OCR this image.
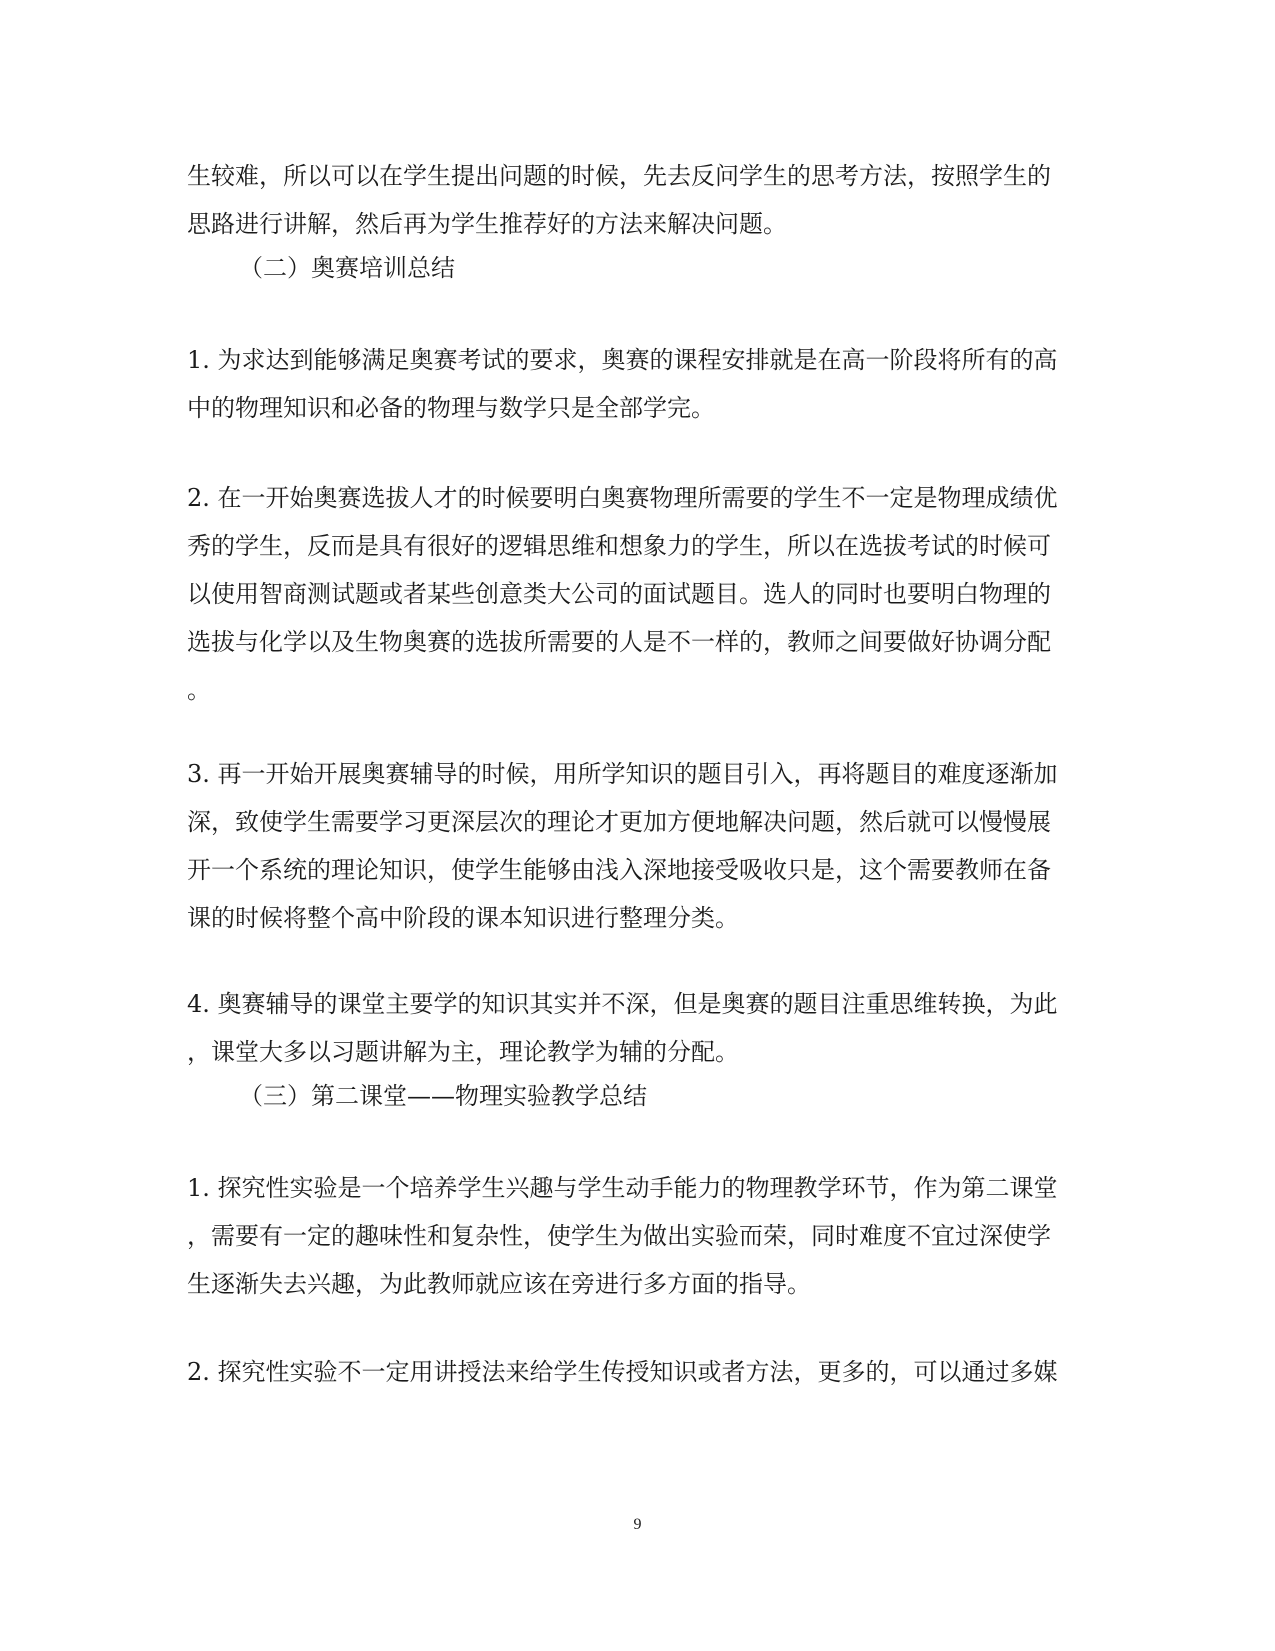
生较难，所以可以在学生提出问题的时候，先去反问学生的思考方法，按照学生的
思路进行讲解，然后再为学生推荐好的方法来解决问题。
（二）奥赛培训总结
1. 为求达到能够满足奥赛考试的要求，奥赛的课程安排就是在高一阶段将所有的高
中的物理知识和必备的物理与数学只是全部学完。
2. 在一开始奥赛选拔人才的时候要明白奥赛物理所需要的学生不一定是物理成绩优
秀的学生，反而是具有很好的逻辑思维和想象力的学生，所以在选拔考试的时候可
以使用智商测试题或者某些创意类大公司的面试题目。选人的同时也要明白物理的
选拔与化学以及生物奥赛的选拔所需要的人是不一样的，教师之间要做好协调分配
。
3. 再一开始开展奥赛辅导的时候，用所学知识的题目引入，再将题目的难度逐渐加
深，致使学生需要学习更深层次的理论才更加方便地解决问题，然后就可以慢慢展
开一个系统的理论知识，使学生能够由浅入深地接受吸收只是，这个需要教师在备
课的时候将整个高中阶段的课本知识进行整理分类。
4. 奥赛辅导的课堂主要学的知识其实并不深，但是奥赛的题目注重思维转换，为此
，课堂大多以习题讲解为主，理论教学为辅的分配。
（三）第二课堂——物理实验教学总结
1. 探究性实验是一个培养学生兴趣与学生动手能力的物理教学环节，作为第二课堂
，需要有一定的趣味性和复杂性，使学生为做出实验而荣，同时难度不宜过深使学
生逐渐失去兴趣，为此教师就应该在旁进行多方面的指导。
2. 探究性实验不一定用讲授法来给学生传授知识或者方法，更多的，可以通过多媒
9
